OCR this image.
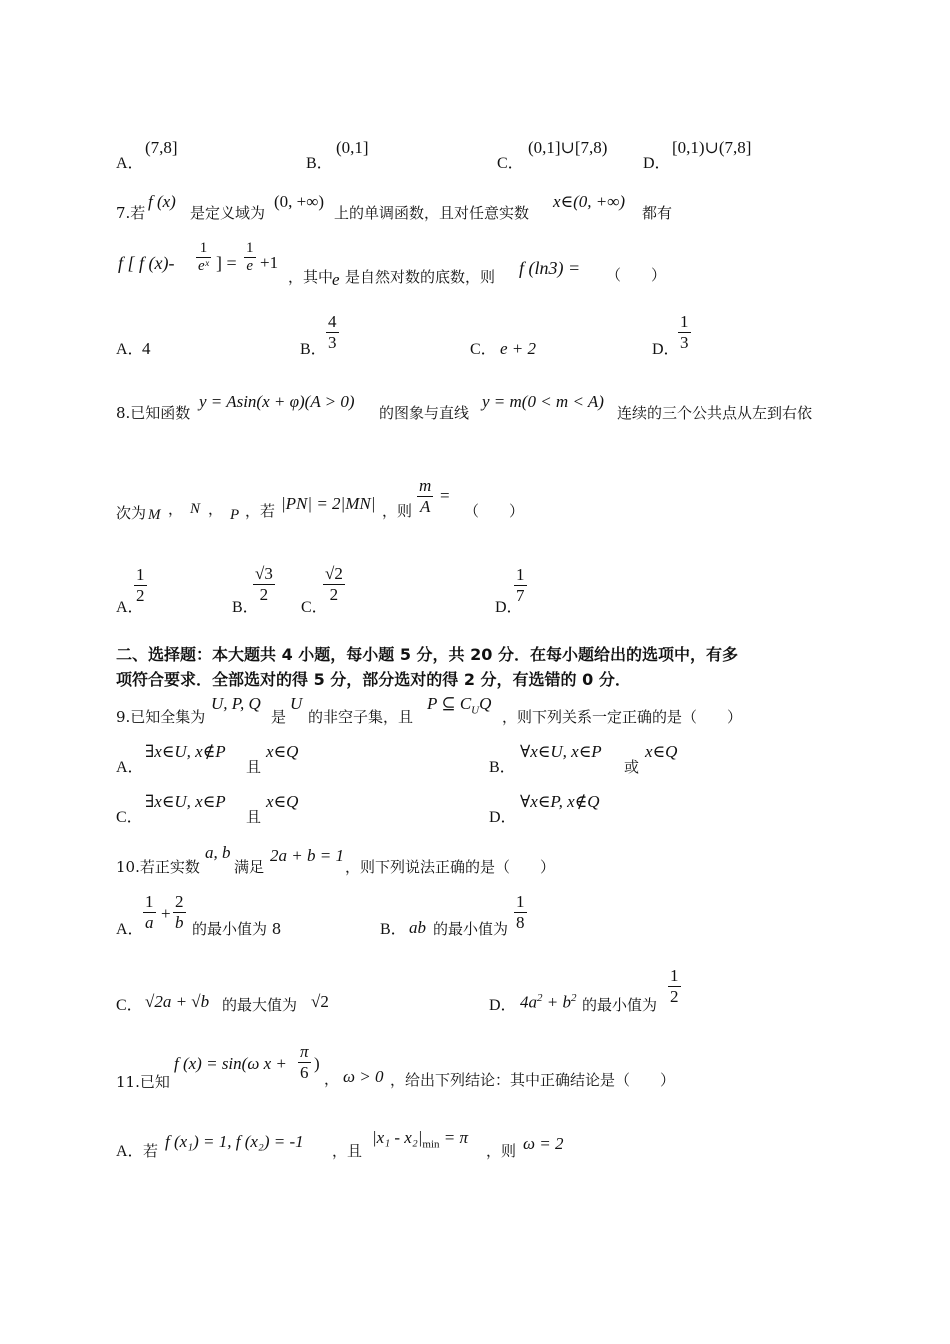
A．
(7,8]
B．
(0,1]
C．
(0,1]∪[7,8)
D．
[0,1)∪(7,8]
7.若
f (x)
是定义域为
(0, +∞)
上的单调函数，且对任意实数
x∈(0, +∞)
都有
f [ f $(x)- \frac{1}{\text{eˣ}}$ ] = $\frac{1}{e} +1$
，其中
e 是自然对数的底数，则 f (ln3) = （　　）
A．
4	B． $\frac{4}{3}$	C． e + 2	D．
$\frac{1}{3}$
8.已知函数
y = Asin(x + φ)(A > 0)
的图象与直线
y = m(0 < m < A)
连续的三个公共点从左到右依
次为 M ， N ， P ，若 |PN| = 2|MN| ，则 $\frac{m}{A}$ =
（　　）
A．
$\frac{1}{2}$
B．
$\frac{√3}{2}$
C．
$\frac{√2}{2}$
D．
$\frac{1}{7}$
二、选择题：本大题共 4 小题，每小题 5 分，共 20 分．在每小题给出的选项中，有多
项符合要求．全部选对的得 5 分，部分选对的得 2 分，有选错的 0 分．
9.已知全集为
U, P, Q
是
U
的非空子集，且
P ⊆ $C_UQ$
，则下列关系一定正确的是（　　）
A．
∃x∈U, x∉P
且
x∈Q
B．
∀x∈U, x∈P
或
x∈Q
C．
∃x∈U, x∈P
且
x∈Q
D．
∀x∈P, x∉Q
10.若正实数
a, b
满足
2a + b = 1
，则下列说法正确的是（　　）
A． $\frac{1}{a} + \frac{2}{b}$ 的最小值为 8	B． ab 的最小值为 $\frac{1}{8}$
C． √2a + √b 的最大值为 √2	D． $4a^2 + b^2$ 的最小值为 $\frac{1}{2}$
11.已知
f (x) = sin(ω $x + \frac{\pi}{6}$ )
， ω > 0 ，给出下列结论：其中正确结论是（　　）
A． 若 f (x₁) = 1, f (x₂) = -1 ，且
$|x_1 - x_2|_{min} = \pi$
，则 ω = 2
